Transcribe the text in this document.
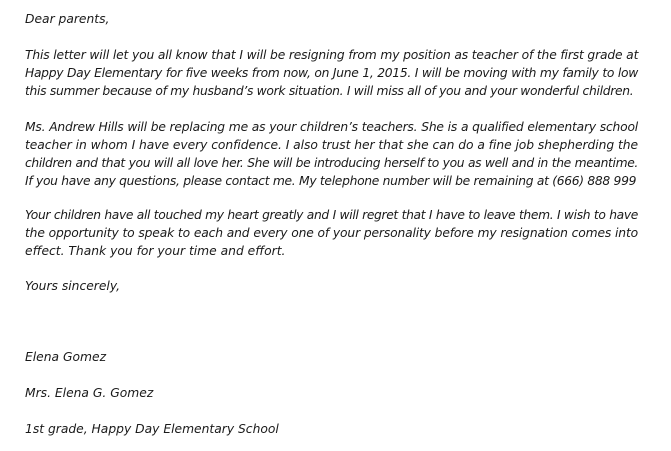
Dear parents,

This letter will let you all know that I will be resigning from my position as teacher of the first grade at
Happy Day Elementary for five weeks from now, on June 1, 2015. I will be moving with my family to low
this summer because of my husband’s work situation. I will miss all of you and your wonderful children.

Ms. Andrew Hills will be replacing me as your children’s teachers. She is a qualified elementary school
teacher in whom I have every confidence. I also trust her that she can do a fine job shepherding the
children and that you will all love her. She will be introducing herself to you as well and in the meantime.
If you have any questions, please contact me. My telephone number will be remaining at (666) 888 999

Your children have all touched my heart greatly and I will regret that I have to leave them. I wish to have
the opportunity to speak to each and every one of your personality before my resignation comes into
effect. Thank you for your time and effort.

Yours sincerely,
Elena Gomez
Mrs. Elena G. Gomez
1st grade, Happy Day Elementary School
